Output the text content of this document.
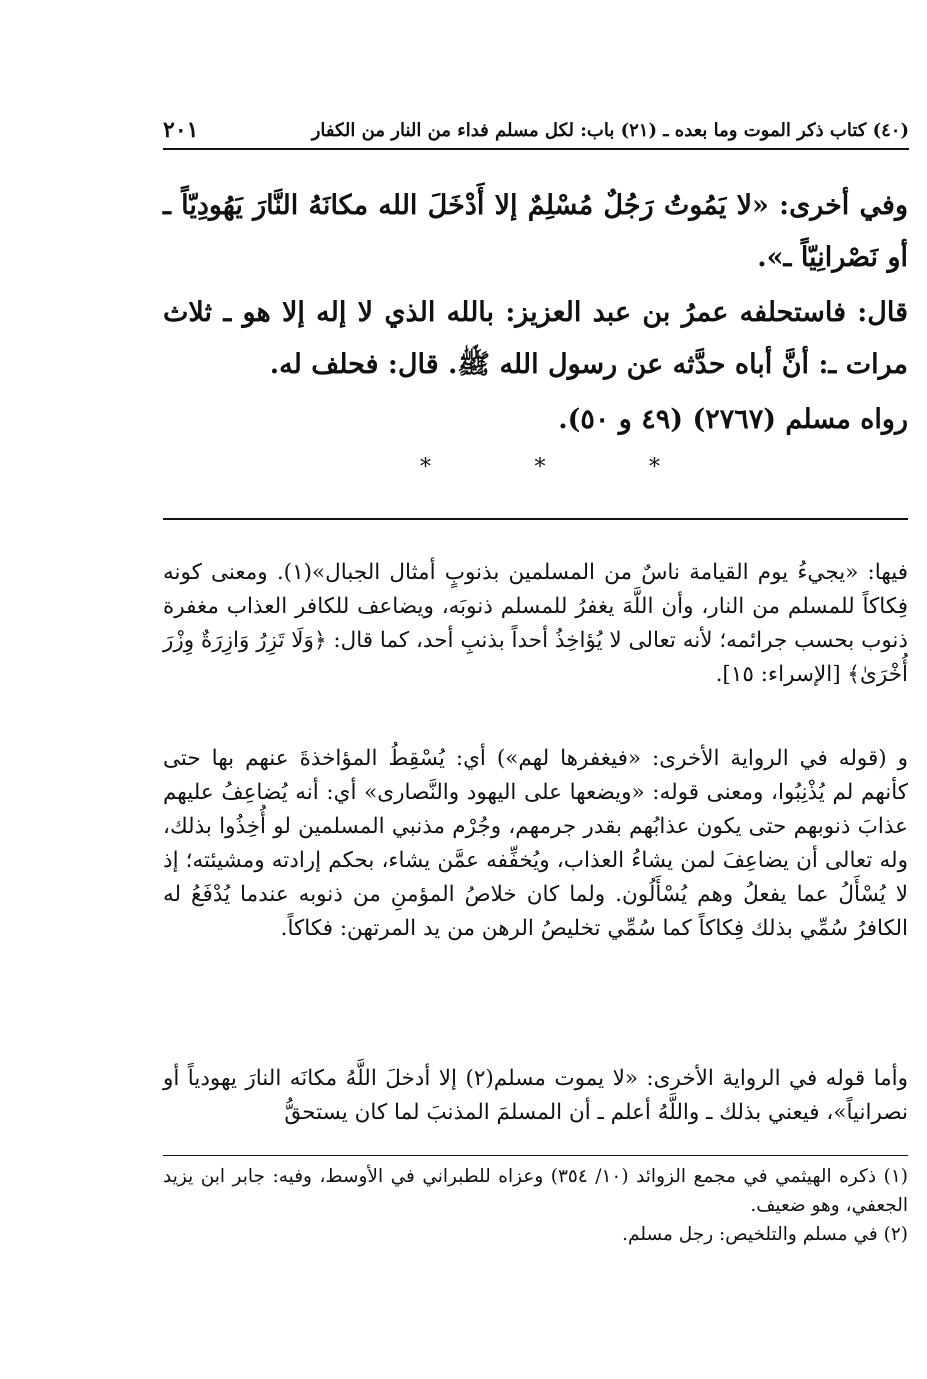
(٤٠) كتاب ذكر الموت وما بعده ـ (٢١) باب: لكل مسلم فداء من النار من الكفار
٢٠١

وفي أخرى: «لا يَمُوتُ رَجُلٌ مُسْلِمٌ إلا أَدْخَلَ الله مكانَهُ النَّارَ يَهُودِيّاً ـ أو نَصْرانِيّاً ـ».

قال: فاستحلفه عمرُ بن عبد العزيز: بالله الذي لا إله إلا هو ـ ثلاث مرات ـ: أنَّ أباه حدَّثه عن رسول الله ﷺ. قال: فحلف له.

رواه مسلم (٢٧٦٧) (٤٩ و ٥٠).

*
*
*

فيها: «يجيءُ يوم القيامة ناسٌ من المسلمين بذنوبٍ أمثال الجبال»(١). ومعنى كونه فِكاكاً للمسلم من النار، وأن اللَّهَ يغفرُ للمسلم ذنوبَه، ويضاعف للكافر العذاب مغفرة ذنوب بحسب جرائمه؛ لأنه تعالى لا يُؤاخِذُ أحداً بذنبِ أحد، كما قال: ﴿وَلَا تَزِرُ وَازِرَةٌ وِزْرَ أُخْرَىٰ﴾ [الإسراء: ١٥].

و (قوله في الرواية الأخرى: «فيغفرها لهم») أي: يُسْقِطُ المؤاخذةَ عنهم بها حتى كأنهم لم يُذْنِبُوا، ومعنى قوله: «ويضعها على اليهود والنَّصارى» أي: أنه يُضاعِفُ عليهم عذابَ ذنوبهم حتى يكون عذابُهم بقدر جرمهم، وجُرْم مذنبي المسلمين لو أُخِذُوا بذلك، وله تعالى أن يضاعِفَ لمن يشاءُ العذاب، ويُخفِّفه عمَّن يشاء، بحكم إرادته ومشيئته؛ إذ لا يُسْأَلُ عما يفعلُ وهم يُسْأَلُون. ولما كان خلاصُ المؤمنِ من ذنوبه عندما يُدْفَعُ له الكافرُ سُمِّي بذلك فِكاكاً كما سُمِّي تخليصُ الرهن من يد المرتهن: فكاكاً.

وأما قوله في الرواية الأخرى: «لا يموت مسلم(٢) إلا أدخلَ اللَّهُ مكانَه النارَ يهودياً أو نصرانياً»، فيعني بذلك ـ واللَّهُ أعلم ـ أن المسلمَ المذنبَ لما كان يستحقُّ

(١) ذكره الهيثمي في مجمع الزوائد (١٠/ ٣٥٤) وعزاه للطبراني في الأوسط، وفيه: جابر ابن يزيد الجعفي، وهو ضعيف.

(٢) في مسلم والتلخيص: رجل مسلم.
